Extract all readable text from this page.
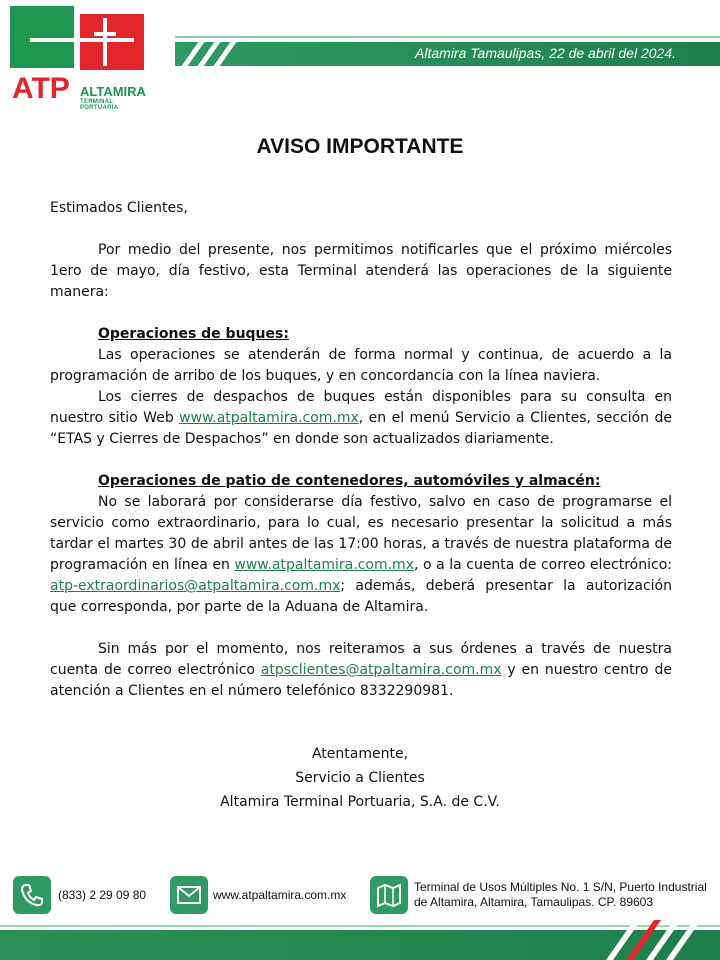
ATP ALTAMIRA
TERMINAL PORTUARIA
Altamira Tamaulipas, 22 de abril del 2024.
AVISO IMPORTANTE

Estimados Clientes,

Por medio del presente, nos permitimos notificarles que el próximo miércoles 1ero de mayo, día festivo, esta Terminal atenderá las operaciones de la siguiente manera:

Operaciones de buques:

Las operaciones se atenderán de forma normal y continua, de acuerdo a la programación de arribo de los buques, y en concordancia con la línea naviera.

Los cierres de despachos de buques están disponibles para su consulta en nuestro sitio Web www.atpaltamira.com.mx, en el menú Servicio a Clientes, sección de “ETAS y Cierres de Despachos” en donde son actualizados diariamente.

Operaciones de patio de contenedores, automóviles y almacén:

No se laborará por considerarse día festivo, salvo en caso de programarse el servicio como extraordinario, para lo cual, es necesario presentar la solicitud a más tardar el martes 30 de abril antes de las 17:00 horas, a través de nuestra plataforma de programación en línea en www.atpaltamira.com.mx, o a la cuenta de correo electrónico: atp-extraordinarios@atpaltamira.com.mx; además, deberá presentar la autorización que corresponda, por parte de la Aduana de Altamira.

Sin más por el momento, nos reiteramos a sus órdenes a través de nuestra cuenta de correo electrónico atpsclientes@atpaltamira.com.mx y en nuestro centro de atención a Clientes en el número telefónico 8332290981.

Atentamente,
Servicio a Clientes
Altamira Terminal Portuaria, S.A. de C.V.
(833) 2 29 09 80	www.atpaltamira.com.mx
Terminal de Usos Múltiples No. 1 S/N, Puerto Industrial
de Altamira, Altamira, Tamaulipas. CP. 89603
